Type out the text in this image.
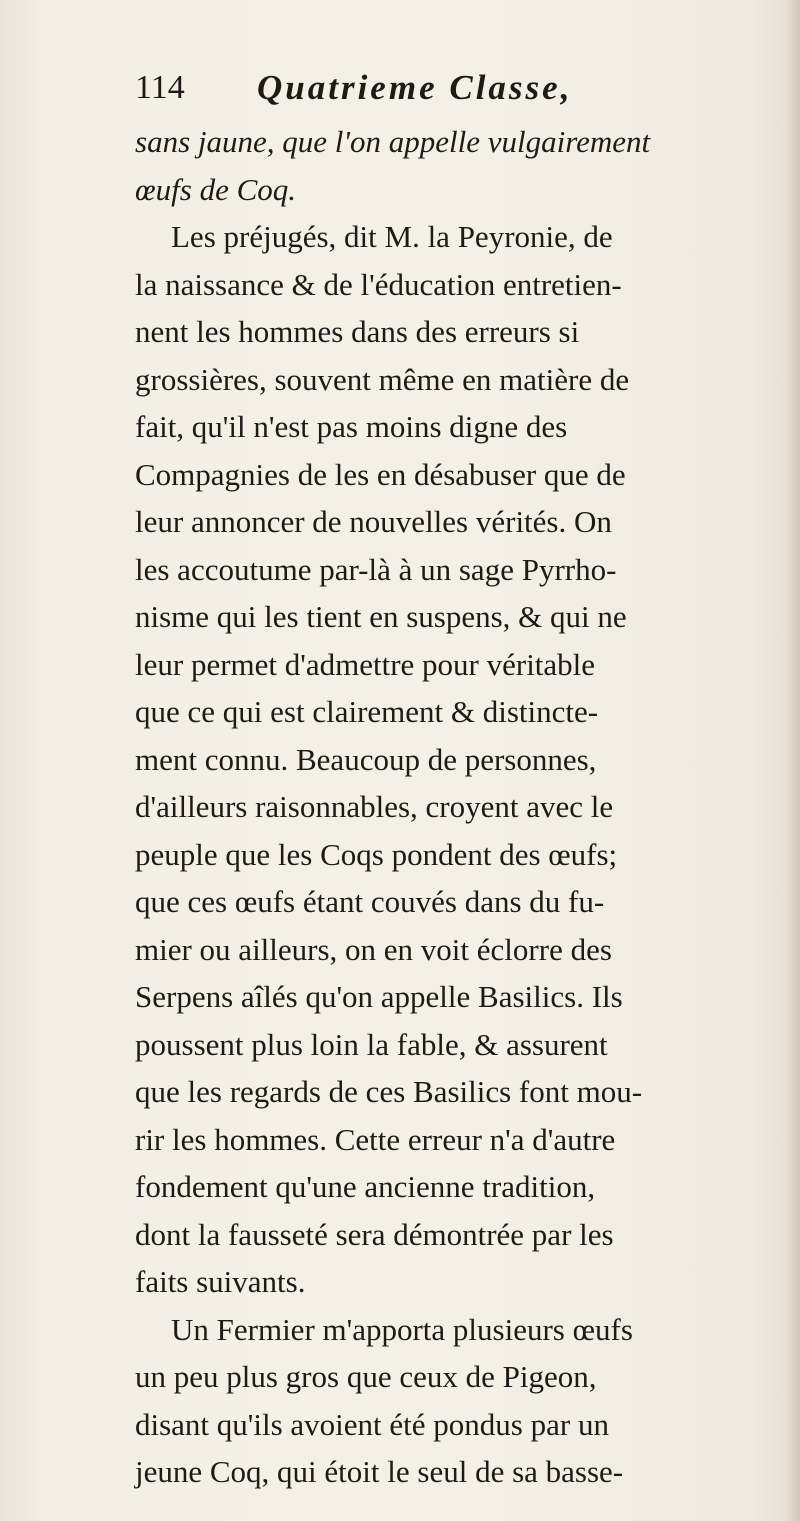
114 Quatrieme Classe,
sans jaune, que l'on appelle vulgairement
œufs de Coq.
Les préjugés, dit M. la Peyronie, de
la naissance & de l'éducation entretien-
nent les hommes dans des erreurs si
grossières, souvent même en matière de
fait, qu'il n'est pas moins digne des
Compagnies de les en désabuser que de
leur annoncer de nouvelles vérités. On
les accoutume par-là à un sage Pyrrho-
nisme qui les tient en suspens, & qui ne
leur permet d'admettre pour véritable
que ce qui est clairement & distincte-
ment connu. Beaucoup de personnes,
d'ailleurs raisonnables, croyent avec le
peuple que les Coqs pondent des œufs;
que ces œufs étant couvés dans du fu-
mier ou ailleurs, on en voit éclorre des
Serpens aîlés qu'on appelle Basilics. Ils
poussent plus loin la fable, & assurent
que les regards de ces Basilics font mou-
rir les hommes. Cette erreur n'a d'autre
fondement qu'une ancienne tradition,
dont la fausseté sera démontrée par les
faits suivants.
Un Fermier m'apporta plusieurs œufs
un peu plus gros que ceux de Pigeon,
disant qu'ils avoient été pondus par un
jeune Coq, qui étoit le seul de sa basse-
